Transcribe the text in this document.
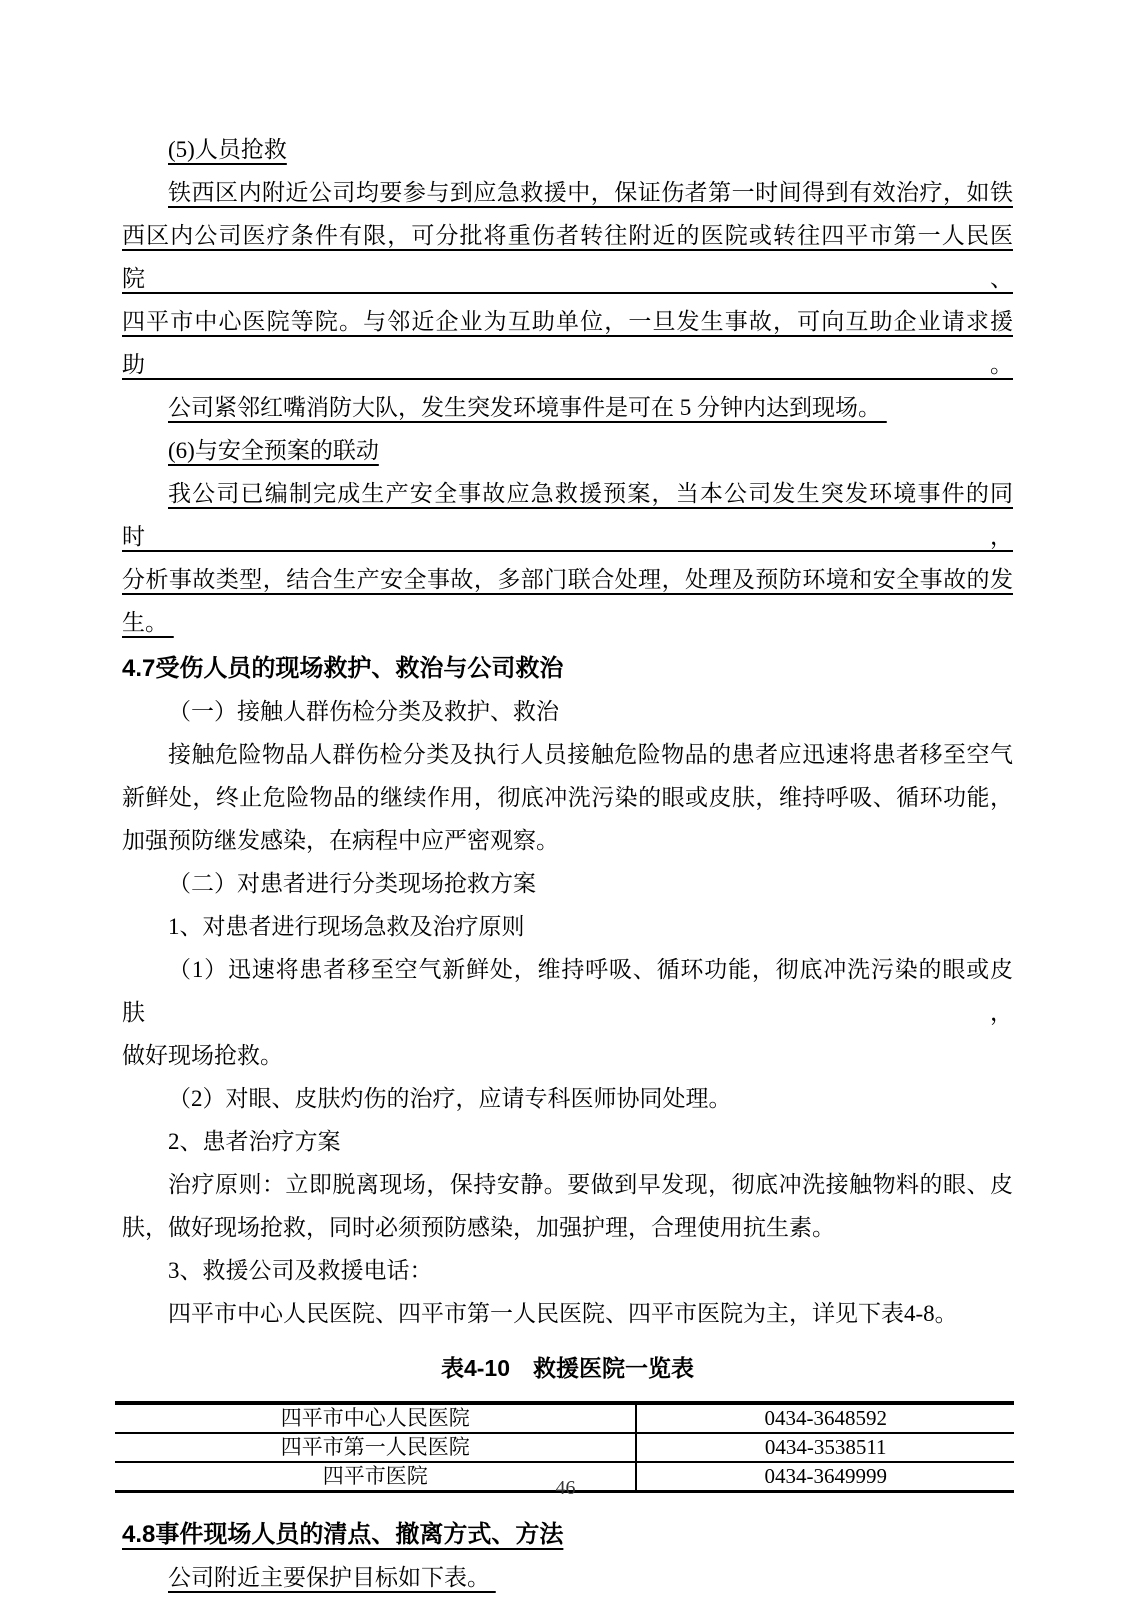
(5)人员抢救
铁西区内附近公司均要参与到应急救援中，保证伤者第一时间得到有效治疗，如铁
西区内公司医疗条件有限，可分批将重伤者转往附近的医院或转往四平市第一人民医院、
四平市中心医院等院。与邻近企业为互助单位，一旦发生事故，可向互助企业请求援助。
公司紧邻红嘴消防大队，发生突发环境事件是可在 5 分钟内达到现场。
(6)与安全预案的联动
我公司已编制完成生产安全事故应急救援预案，当本公司发生突发环境事件的同时，
分析事故类型，结合生产安全事故，多部门联合处理，处理及预防环境和安全事故的发
生。
4.7受伤人员的现场救护、救治与公司救治
（一）接触人群伤检分类及救护、救治
接触危险物品人群伤检分类及执行人员接触危险物品的患者应迅速将患者移至空气
新鲜处，终止危险物品的继续作用，彻底冲洗污染的眼或皮肤，维持呼吸、循环功能，
加强预防继发感染，在病程中应严密观察。
（二）对患者进行分类现场抢救方案
1、对患者进行现场急救及治疗原则
（1）迅速将患者移至空气新鲜处，维持呼吸、循环功能，彻底冲洗污染的眼或皮肤，
做好现场抢救。
（2）对眼、皮肤灼伤的治疗，应请专科医师协同处理。
2、患者治疗方案
治疗原则：立即脱离现场，保持安静。要做到早发现，彻底冲洗接触物料的眼、皮
肤，做好现场抢救，同时必须预防感染，加强护理，合理使用抗生素。
3、救援公司及救援电话：
四平市中心人民医院、四平市第一人民医院、四平市医院为主，详见下表4-8。
表4-10　救援医院一览表
四平市中心人民医院	0434-3648592
四平市第一人民医院	0434-3538511
四平市医院	0434-3649999
4.8事件现场人员的清点、撤离方式、方法
公司附近主要保护目标如下表。
46
